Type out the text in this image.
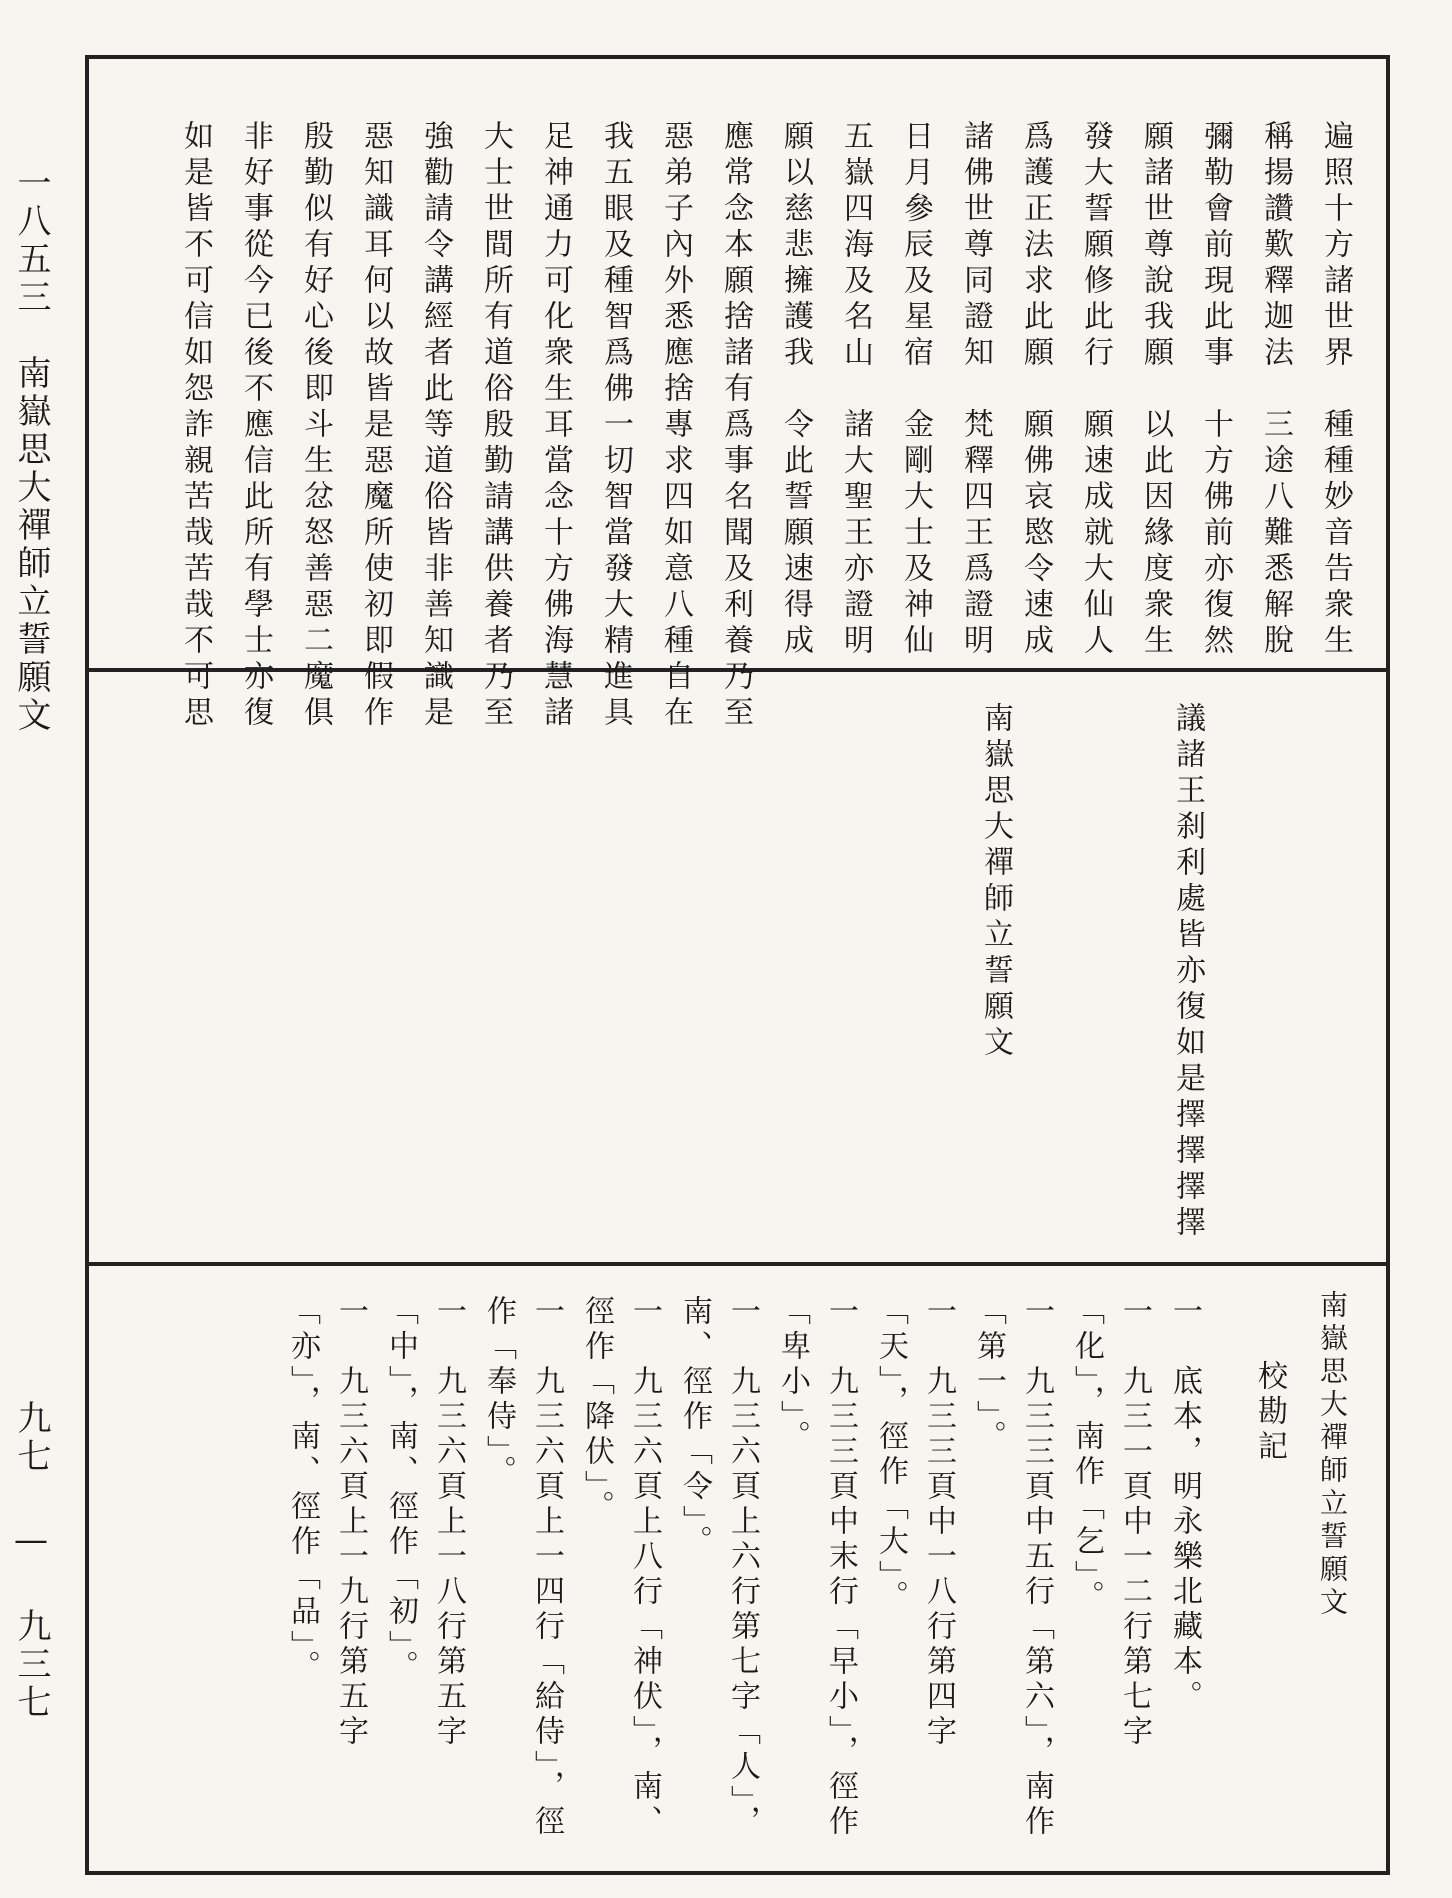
一八五三　南嶽思大禪師立誓願文
九七 — 九三七
遍照十方諸世界　種種妙音告衆生
稱揚讚歎釋迦法　三途八難悉解脫
彌勒會前現此事　十方佛前亦復然
願諸世尊說我願　以此因緣度衆生
發大誓願修此行　願速成就大仙人
爲護正法求此願　願佛哀愍令速成
諸佛世尊同證知　梵釋四王爲證明
日月參辰及星宿　金剛大士及神仙
五嶽四海及名山　諸大聖王亦證明
願以慈悲擁護我　令此誓願速得成
應常念本願捨諸有爲事名聞及利養乃至
惡弟子內外悉應捨專求四如意八種自在
我五眼及種智爲佛一切智當發大精進具
足神通力可化衆生耳當念十方佛海慧諸
大士世間所有道俗殷勤請講供養者乃至
強勸請令講經者此等道俗皆非善知識是
惡知識耳何以故皆是惡魔所使初即假作
殷勤似有好心後即斗生忿怒善惡二魔俱
非好事從今已後不應信此所有學士亦復
如是皆不可信如怨詐親苦哉苦哉不可思
議諸王刹利處皆亦復如是擇擇擇擇
南嶽思大禪師立誓願文
南嶽思大禪師立誓願文
校勘記
一　底本，明永樂北藏本。
一　九三一頁中一二行第七字「化」，南作「乞」。
一　九三三頁中五行「第六」，南作「第一」。
一　九三三頁中一八行第四字「天」，徑作「大」。
一　九三三頁中末行「早小」，徑作「卑小」。
一　九三六頁上六行第七字「人」，南、徑作「令」。
一　九三六頁上八行「神伏」，南、徑作「降伏」。
一　九三六頁上一四行「給侍」，徑作「奉侍」。
一　九三六頁上一八行第五字「中」，南、徑作「初」。
一　九三六頁上一九行第五字「亦」，南、徑作「品」。
